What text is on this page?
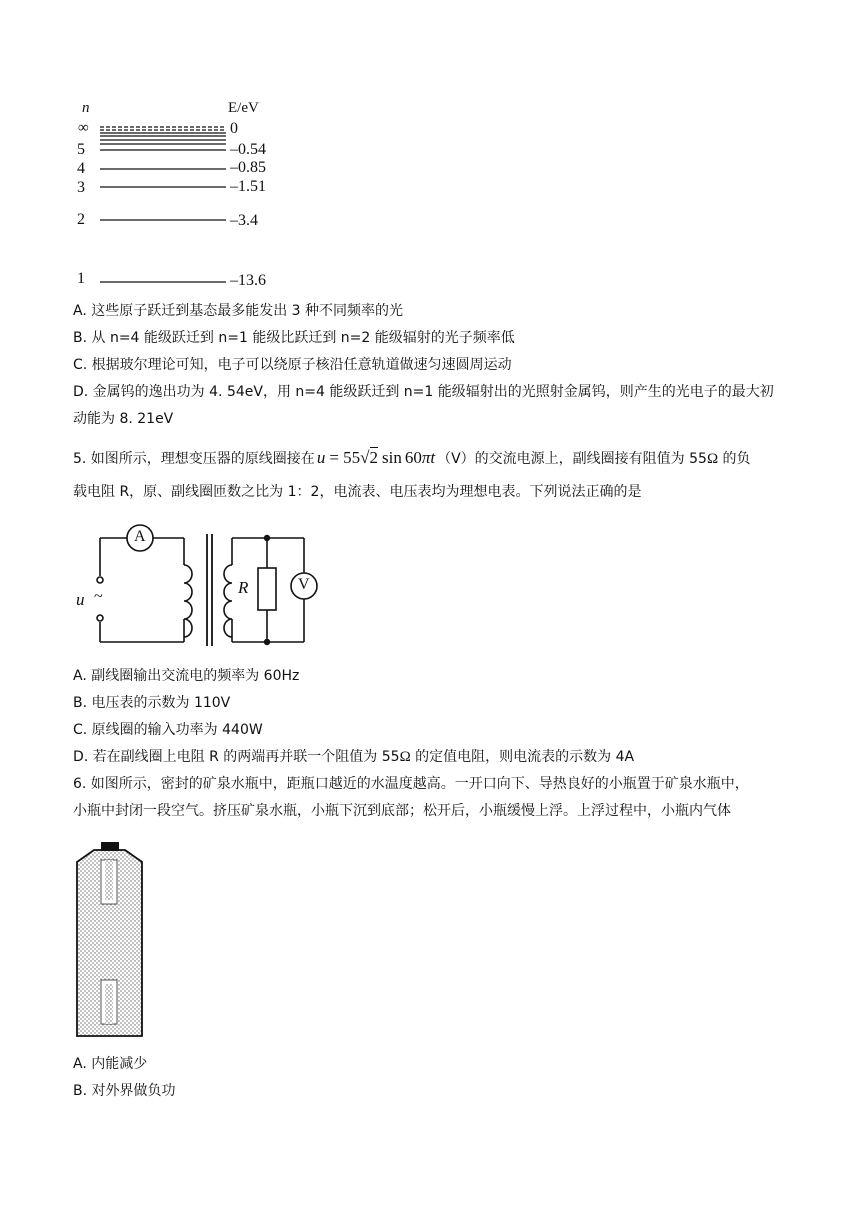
n	E/eV
∞
5
4
3
2
1
0
–0.54
–0.85
–1.51
–3.4
–13.6
A. 这些原子跃迁到基态最多能发出 3 种不同频率的光
B. 从 n=4 能级跃迁到 n=1 能级比跃迁到 n=2 能级辐射的光子频率低
C. 根据玻尔理论可知，电子可以绕原子核沿任意轨道做速匀速圆周运动
D. 金属钨的逸出功为 4. 54eV，用 n=4 能级跃迁到 n=1 能级辐射出的光照射金属钨，则产生的光电子的最大初
动能为 8. 21eV
5. 如图所示，理想变压器的原线圈接在 u = 55√2 sin 60πt （V）的交流电源上，副线圈接有阻值为 55Ω 的负
载电阻 R，原、副线圈匝数之比为 1：2，电流表、电压表均为理想电表。下列说法正确的是
A
V
u ~	R
A. 副线圈输出交流电的频率为 60Hz
B. 电压表的示数为 110V
C. 原线圈的输入功率为 440W
D. 若在副线圈上电阻 R 的两端再并联一个阻值为 55Ω 的定值电阻，则电流表的示数为 4A
6. 如图所示，密封的矿泉水瓶中，距瓶口越近的水温度越高。一开口向下、导热良好的小瓶置于矿泉水瓶中，
小瓶中封闭一段空气。挤压矿泉水瓶，小瓶下沉到底部；松开后，小瓶缓慢上浮。上浮过程中，小瓶内气体
A. 内能减少
B. 对外界做负功
